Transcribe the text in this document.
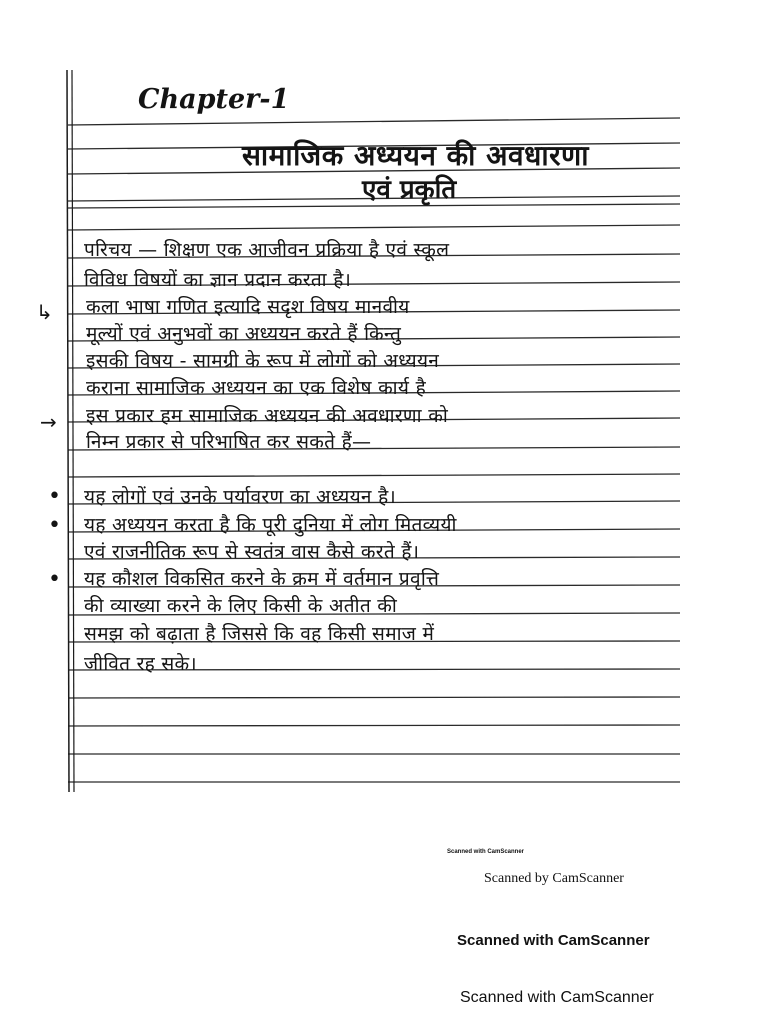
Chapter-1
सामाजिक अध्ययन की अवधारणा
एवं प्रकृति
↳
→
परिचय — शिक्षण एक आजीवन प्रक्रिया है एवं स्कूल
विविध विषयों का ज्ञान प्रदान करता है।
कला भाषा गणित इत्यादि सदृश विषय मानवीय
मूल्यों एवं अनुभवों का अध्ययन करते हैं किन्तु
इसकी विषय - सामग्री के रूप में लोगों को अध्ययन
कराना सामाजिक अध्ययन का एक विशेष कार्य है
इस प्रकार हम सामाजिक अध्ययन की अवधारणा को
निम्न प्रकार से परिभाषित कर सकते हैं—
•
•
•
यह लोगों एवं उनके पर्यावरण का अध्ययन है।
यह अध्ययन करता है कि पूरी दुनिया में लोग मितव्ययी
एवं राजनीतिक रूप से स्वतंत्र वास कैसे करते हैं।
यह कौशल विकसित करने के क्रम में वर्तमान प्रवृत्ति
की व्याख्या करने के लिए किसी के अतीत की
समझ को बढ़ाता है जिससे कि वह किसी समाज में
जीवित रह सके।
Scanned with CamScanner
Scanned by CamScanner
Scanned with CamScanner
Scanned with CamScanner
